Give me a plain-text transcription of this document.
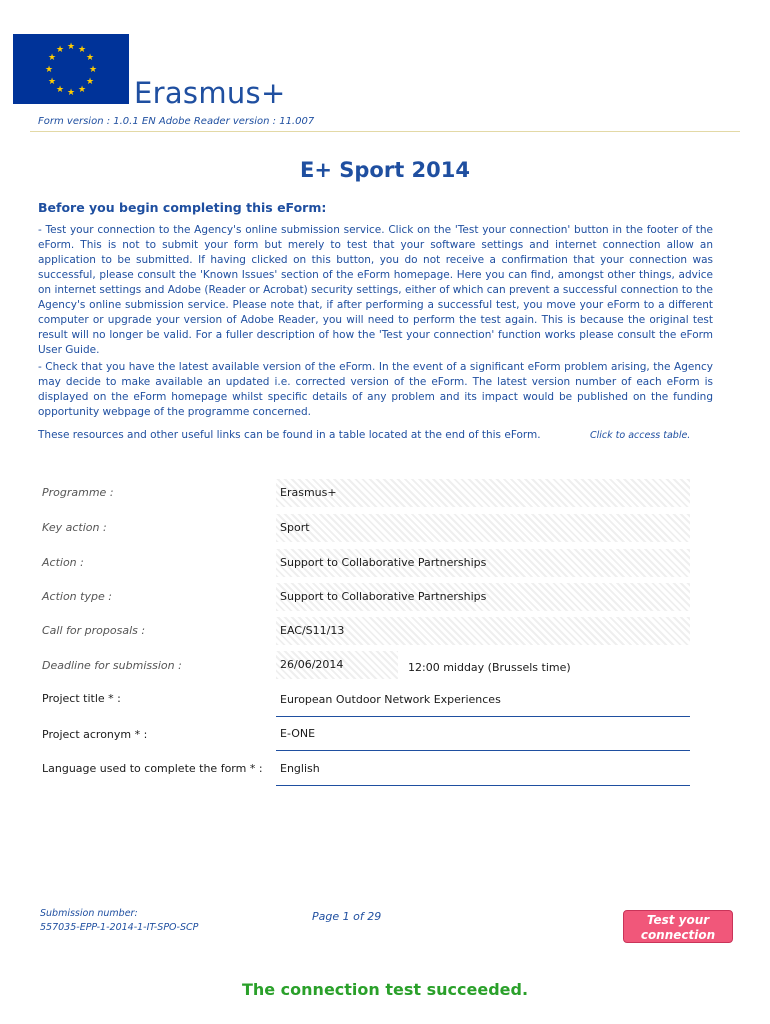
★ ★
★
★
★
★
★
★
★
★
★
★
Erasmus+
Form version : 1.0.1 EN Adobe Reader version : 11.007
E+ Sport 2014
Before you begin completing this eForm:
- Test your connection to the Agency's online submission service. Click on the 'Test your connection' button in the footer of the eForm. This is not to submit your form but merely to test that your software settings and internet connection allow an application to be submitted. If having clicked on this button, you do not receive a confirmation that your connection was successful, please consult the 'Known Issues' section of the eForm homepage. Here you can find, amongst other things, advice on internet settings and Adobe (Reader or Acrobat) security settings, either of which can prevent a successful connection to the Agency's online submission service. Please note that, if after performing a successful test, you move your eForm to a different computer or upgrade your version of Adobe Reader, you will need to perform the test again. This is because the original test result will no longer be valid. For a fuller description of how the 'Test your connection' function works please consult the eForm User Guide.
- Check that you have the latest available version of the eForm. In the event of a significant eForm problem arising, the Agency may decide to make available an updated i.e. corrected version of the eForm. The latest version number of each eForm is displayed on the eForm homepage whilst specific details of any problem and its impact would be published on the funding opportunity webpage of the programme concerned.
These resources and other useful links can be found in a table located at the end of this eForm.	Click to access table.
Programme :	Erasmus+
Key action :	Sport
Action :	Support to Collaborative Partnerships
Action type :	Support to Collaborative Partnerships
Call for proposals :	EAC/S11/13
Deadline for submission :	26/06/2014	12:00 midday (Brussels time)
Project title * :	European Outdoor Network Experiences
Project acronym * :	E-ONE
Language used to complete the form * :	English
Submission number:
557035-EPP-1-2014-1-IT-SPO-SCP
Page 1 of 29	Test your
connection
The connection test succeeded.
